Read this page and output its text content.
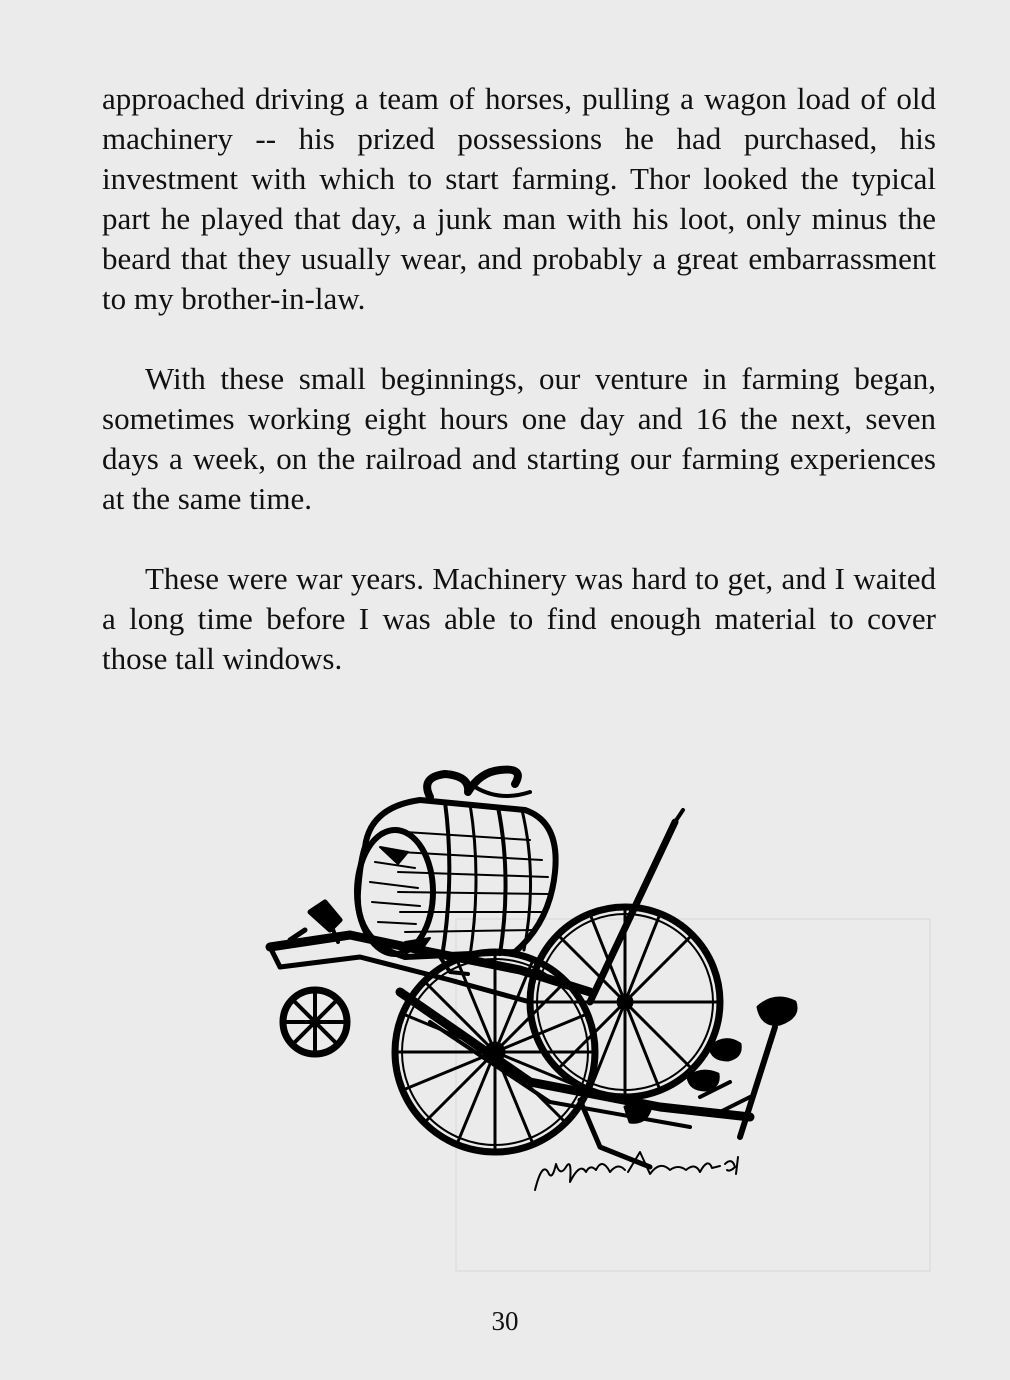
approached driving a team of horses, pulling a wagon load of old machinery -- his prized possessions he had purchased, his investment with which to start farming. Thor looked the typical part he played that day, a junk man with his loot, only minus the beard that they usually wear, and probably a great embarrassment to my brother-in-law.

With these small beginnings, our venture in farming began, sometimes working eight hours one day and 16 the next, seven days a week, on the railroad and starting our farming experiences at the same time.

These were war years. Machinery was hard to get, and I waited a long time before I was able to find enough material to cover those tall windows.

30
